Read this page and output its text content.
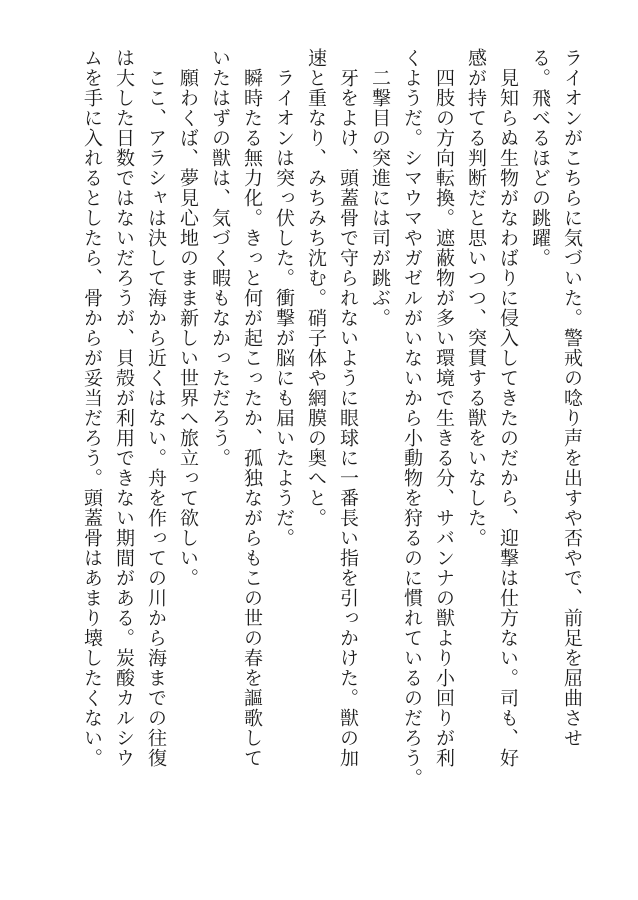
ライオンがこちらに気づいた。警戒の唸り声を出すや否やで、前足を屈曲させ
る。飛べるほどの跳躍。
　見知らぬ生物がなわばりに侵入してきたのだから、迎撃は仕方ない。司も、好
感が持てる判断だと思いつつ、突貫する獣をいなした。
　四肢の方向転換。遮蔽物が多い環境で生きる分、サバンナの獣より小回りが利
くようだ。シマウマやガゼルがいないから小動物を狩るのに慣れているのだろう。
　二撃目の突進には司が跳ぶ。
　牙をよけ、頭蓋骨で守られないように眼球に一番長い指を引っかけた。獣の加
速と重なり、みちみち沈む。硝子体や網膜の奥へと。
　ライオンは突っ伏した。衝撃が脳にも届いたようだ。
　瞬時たる無力化。きっと何が起こったか、孤独ながらもこの世の春を謳歌して
いたはずの獣は、気づく暇もなかっただろう。
　願わくば、夢見心地のまま新しい世界へ旅立って欲しい。
　ここ、アラシャは決して海から近くはない。舟を作っての川から海までの往復
は大した日数ではないだろうが、貝殻が利用できない期間がある。炭酸カルシウ
ムを手に入れるとしたら、骨からが妥当だろう。頭蓋骨はあまり壊したくない。
